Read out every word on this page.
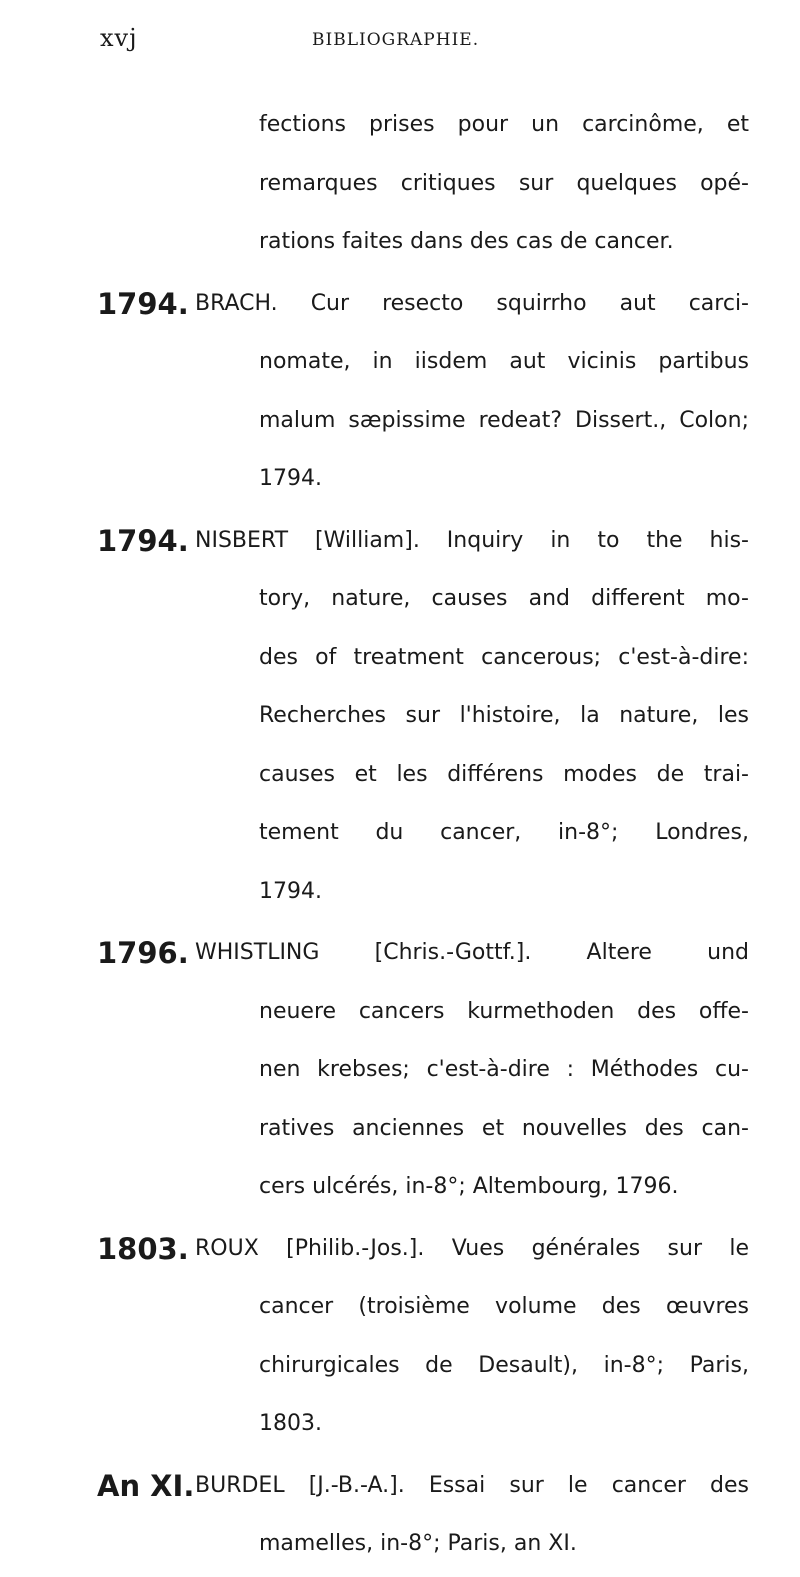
xvj	BIBLIOGRAPHIE.
fections prises pour un carcinôme, et
remarques critiques sur quelques opé-
rations faites dans des cas de cancer.
1794. BRACH. Cur resecto squirrho aut carci-
nomate, in iisdem aut vicinis partibus
malum sæpissime redeat? Dissert., Colon;
1794.
1794. NISBERT [William]. Inquiry in to the his-
tory, nature, causes and different mo-
des of treatment cancerous; c'est-à-dire:
Recherches sur l'histoire, la nature, les
causes et les différens modes de trai-
tement du cancer, in-8°; Londres,
1794.
1796. WHISTLING [Chris.-Gottf.]. Altere und
neuere cancers kurmethoden des offe-
nen krebses; c'est-à-dire : Méthodes cu-
ratives anciennes et nouvelles des can-
cers ulcérés, in-8°; Altembourg, 1796.
1803. ROUX [Philib.-Jos.]. Vues générales sur le
cancer (troisième volume des œuvres
chirurgicales de Desault), in-8°; Paris,
1803.
An XI. BURDEL [J.-B.-A.]. Essai sur le cancer des
mamelles, in-8°; Paris, an XI.
